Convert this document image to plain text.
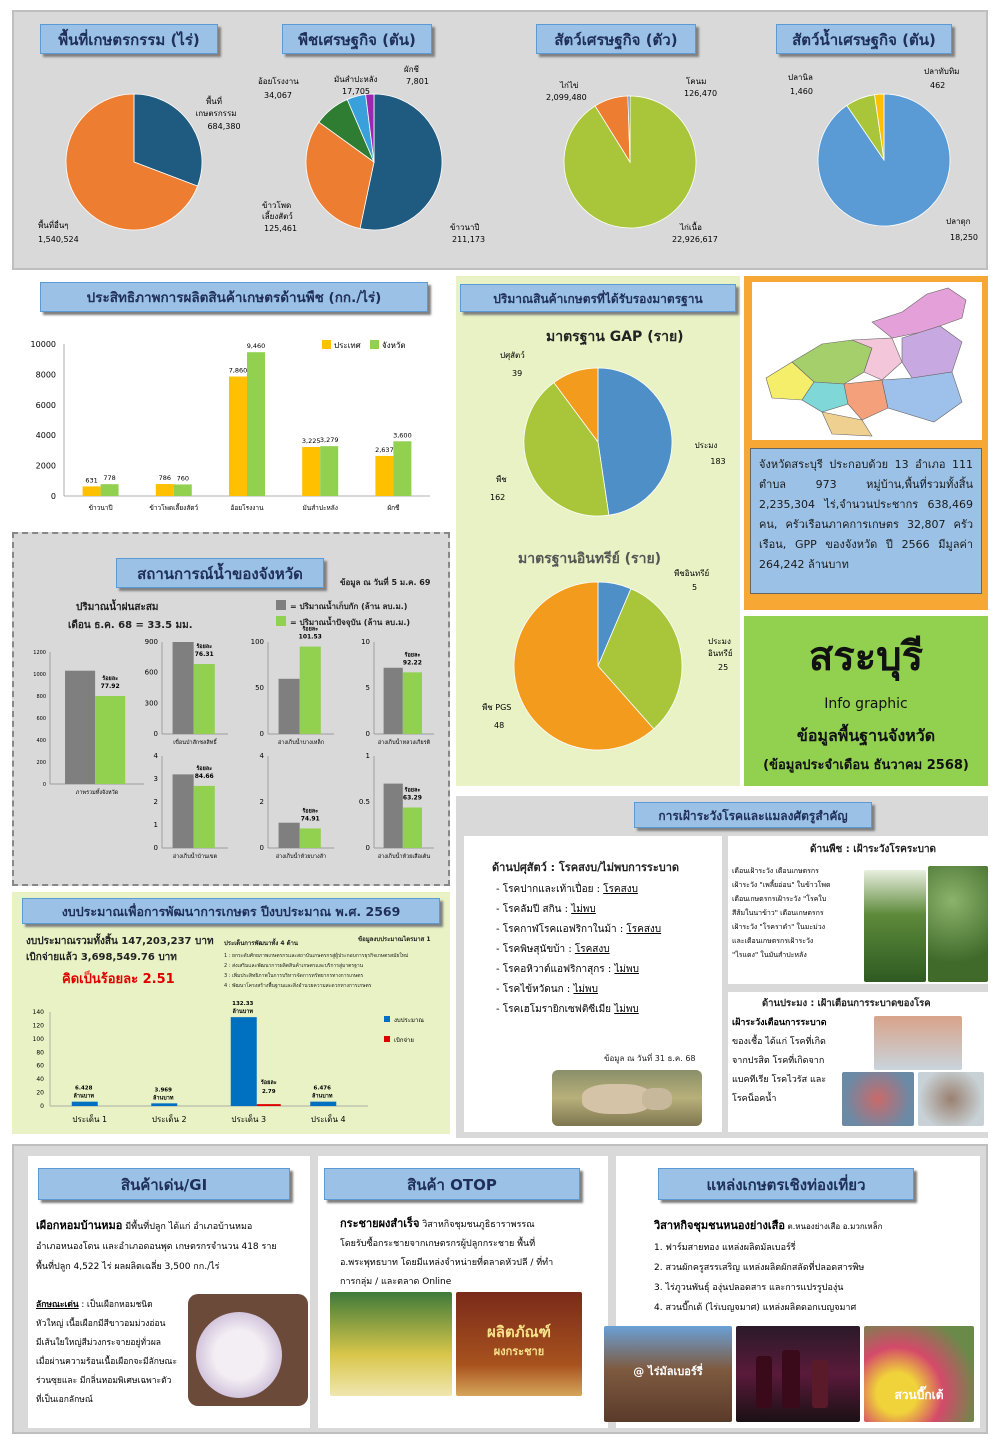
พื้นที่เกษตรกรรม (ไร่)	พืชเศรษฐกิจ (ตัน)	สัตว์เศรษฐกิจ (ตัว)	สัตว์น้ำเศรษฐกิจ (ตัน)
พื้นที่
เกษตรกรรม
684,380
พื้นที่อื่นๆ
1,540,524
ข้าวนาปี
211,173
ข้าวโพด
เลี้ยงสัตว์
125,461
อ้อยโรงงาน
34,067
มันสำปะหลัง
17,705
ผักชี
7,801
ไก่เนื้อ
22,926,617
ไก่ไข่
2,099,480
โคนม
126,470
ปลาดุก
18,250
ปลานิล
1,460
ปลาทับทิม
462
ประสิทธิภาพการผลิตสินค้าเกษตรด้านพืช (กก./ไร่)
0
2000
4000
6000
8000
10000
ข้าวนาปี	ข้าวโพดเลี้ยงสัตว์	อ้อยโรงงาน	มันสำปะหลัง	ผักชี
631 778	786 760
7,860
9,460
3,225 3,279
2,637
3,600
ประเทศ	จังหวัด
ปริมาณสินค้าเกษตรที่ได้รับรองมาตรฐาน
มาตรฐาน GAP (ราย)
ประมง
183
พืช
162
ปศุสัตว์
39
มาตรฐานอินทรีย์ (ราย)
พืชอินทรีย์
5
ประมง
อินทรีย์
25
พืช PGS
48
จังหวัดสระบุรี ประกอบด้วย 13 อำเภอ 111 ตำบล 973 หมู่บ้าน,พื้นที่รวมทั้งสิ้น 2,235,304 ไร่,จำนวนประชากร 638,469 คน, ครัวเรือนภาคการเกษตร 32,807 ครัวเรือน, GPP ของจังหวัด ปี 2566 มีมูลค่า 264,242 ล้านบาท
สระบุรี
Info graphic
ข้อมูลพื้นฐานจังหวัด
(ข้อมูลประจำเดือน ธันวาคม 2568)
สถานการณ์น้ำของจังหวัด	ข้อมูล ณ วันที่ 5 ม.ค. 69
ปริมาณน้ำฝนสะสม
เดือน ธ.ค. 68 = 33.5 มม.
= ปริมาณน้ำเก็บกัก (ล้าน ลบ.ม.)
= ปริมาณน้ำปัจจุบัน (ล้าน ลบ.ม.)
0
200
400
600
800
1000
1200
ร้อยละ
77.92
ภาพรวมทั้งจังหวัด
0
300
600
900
ร้อยละ
76.31
เขื่อนป่าสักชลสิทธิ์
0
50
100
ร้อยละ
101.53
อ่างเก็บน้ำบางเหล็ก
0
5
10
ร้อยละ
92.22
อ่างเก็บน้ำหลวงเกียรติ
0
1
2
3
4
ร้อยละ
84.66
อ่างเก็บน้ำบ้านเขต
0
2
4
ร้อยละ
74.91
อ่างเก็บน้ำห้วยบางส้า
0
0.5
1
ร้อยละ
63.29
อ่างเก็บน้ำห้วยเสือเต้น
งบประมาณเพื่อการพัฒนาการเกษตร ปีงบประมาณ พ.ศ. 2569
งบประมาณรวมทั้งสิ้น 147,203,237 บาท
เบิกจ่ายแล้ว 3,698,549.76 บาท
คิดเป็นร้อยละ 2.51
ประเด็นการพัฒนาทั้ง 4 ด้าน
ข้อมูลงบประมาณไตรมาส 1
1 : ยกระดับศักยภาพเกษตรกรและสถาบันเกษตรกรสู่ผู้ประกอบการธุรกิจเกษตรสมัยใหม่
2 : ส่งเสริมและพัฒนาการผลิตสินค้าเกษตรและบริการสู่มาตรฐาน
3 : เพิ่มประสิทธิภาพในการบริหารจัดการทรัพยากรทางการเกษตร
4 : พัฒนาโครงสร้างพื้นฐานและสิ่งอำนวยความสะดวกทางการเกษตร
0
20
40
60
80
100
120
140
ประเด็น 1
6.428
ล้านบาท
ประเด็น 2
3.969
ล้านบาท
ประเด็น 3
132.33
ล้านบาท
ร้อยละ
2.79
ประเด็น 4
6.476
ล้านบาท
งบประมาณ
เบิกจ่าย
การเฝ้าระวังโรคและแมลงศัตรูสำคัญ
ด้านปศุสัตว์ : โรคสงบ/ไม่พบการระบาด
- โรคปากและเท้าเปื่อย : โรคสงบ
- โรคลัมปี สกิน : ไม่พบ
- โรคกาฬโรคแอฟริกาในม้า : โรคสงบ
- โรคพิษสุนัขบ้า : โรคสงบ
- โรคอหิวาต์แอฟริกาสุกร : ไม่พบ
- โรคไข้หวัดนก : ไม่พบ
- โรคเฮโมรายิกเซฟติซีเมีย ไม่พบ
ข้อมูล ณ วันที่ 31 ธ.ค. 68
ด้านพืช : เฝ้าระวังโรคระบาด
เตือนเฝ้าระวัง เตือนเกษตรกร
เฝ้าระวัง "เพลี้ยอ่อน" ในข้าวโพด
เตือนเกษตรกรเฝ้าระวัง "โรคใบ
สีส้มในนาข้าว" เตือนเกษตรกร
เฝ้าระวัง "โรคราดำ" ในมะม่วง
และเตือนเกษตรกรเฝ้าระวัง
"ไรแดง" ในมันสำปะหลัง
ด้านประมง : เฝ้าเตือนการระบาดของโรค
เฝ้าระวังเตือนการระบาด
ของเชื้อ ได้แก่ โรคที่เกิด
จากปรสิต โรคที่เกิดจาก
แบคทีเรีย โรคไวรัส และ
โรคน็อคน้ำ
สินค้าเด่น/GI
เผือกหอมบ้านหมอ มีพื้นที่ปลูก ได้แก่ อำเภอบ้านหมอ
อำเภอหนองโดน และอำเภอดอนพุด เกษตรกรจำนวน 418 ราย
พื้นที่ปลูก 4,522 ไร่ ผลผลิตเฉลี่ย 3,500 กก./ไร่
ลักษณะเด่น : เป็นเผือกหอมชนิด
หัวใหญ่ เนื้อเผือกมีสีขาวอมม่วงอ่อน
มีเส้นใยใหญ่สีม่วงกระจายอยู่ทั่วผล
เมื่อผ่านความร้อนเนื้อเผือกจะมีลักษณะ
ร่วนซุยและ มีกลิ่นหอมพิเศษเฉพาะตัว
ที่เป็นเอกลักษณ์
สินค้า OTOP
กระชายผงสำเร็จ วิสาหกิจชุมชนภูธิธาราพรรณ
โดยรับซื้อกระชายจากเกษตรกรผู้ปลูกกระชาย พื้นที่
อ.พระพุทธบาท โดยมีแหล่งจำหน่ายที่ตลาดหัวปลี / ที่ทำ
การกลุ่ม / และตลาด Online
ผลิตภัณฑ์
ผงกระชาย
แหล่งเกษตรเชิงท่องเที่ยว
วิสาหกิจชุมชนหนองย่างเสือ ต.หนองย่างเสือ อ.มวกเหล็ก
1. ฟาร์มสายทอง แหล่งผลิตมัลเบอร์รี่
2. สวนผักครูสรรเสริญ แหล่งผลิตผักสลัดที่ปลอดสารพิษ
3. ไร่ภูวนพันธุ์ องุ่นปลอดสาร และการแปรรูปองุ่น
4. สวนบี๊กเต้ (ไร่เบญจมาศ) แหล่งผลิตดอกเบญจมาศ
@ ไร่มัลเบอร์รี่
สวนบี๊กเต้
